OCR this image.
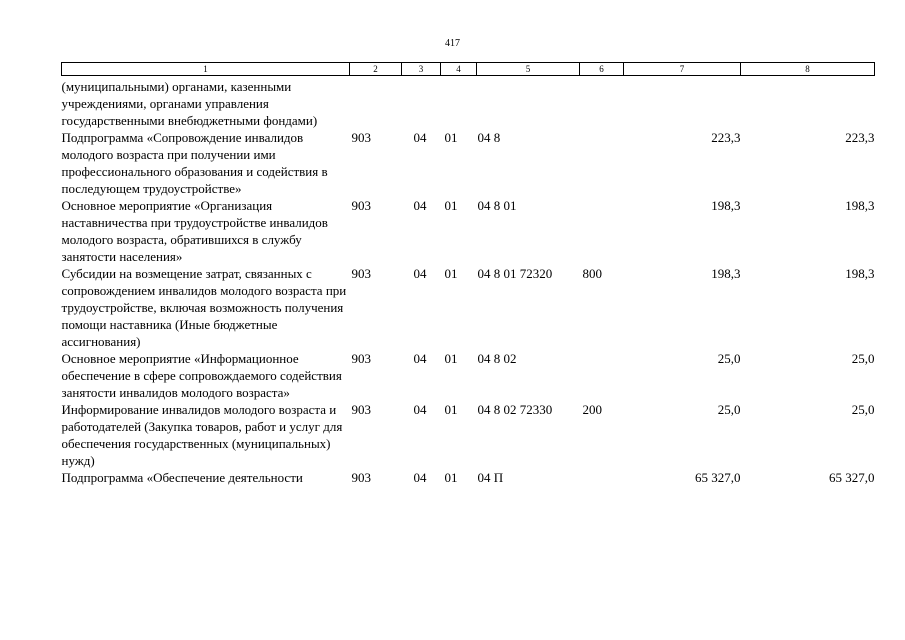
417
1	2	3	4	5	6	7	8
(муниципальными) органами, казенными учреждениями, органами управления государственными внебюджетными фондами)							
Подпрограмма «Сопровождение инвалидов молодого возраста при получении ими профессионального образования и содействия в последующем трудоустройстве»	903	04	01	04 8		223,3	223,3
Основное мероприятие «Организация наставничества при трудоустройстве инвалидов молодого возраста, обратившихся в службу занятости населения»	903	04	01	04 8 01		198,3	198,3
Субсидии на возмещение затрат, связанных с сопровождением инвалидов молодого возраста при трудоустройстве, включая возможность получения помощи наставника (Иные бюджетные ассигнования)	903	04	01	04 8 01 72320	800	198,3	198,3
Основное мероприятие «Информационное обеспечение в сфере сопровождаемого содействия занятости инвалидов молодого возраста»	903	04	01	04 8 02		25,0	25,0
Информирование инвалидов молодого возраста и работодателей (Закупка товаров, работ и услуг для обеспечения государственных (муниципальных) нужд)	903	04	01	04 8 02 72330	200	25,0	25,0
Подпрограмма «Обеспечение деятельности	903	04	01	04 П		65 327,0	65 327,0
